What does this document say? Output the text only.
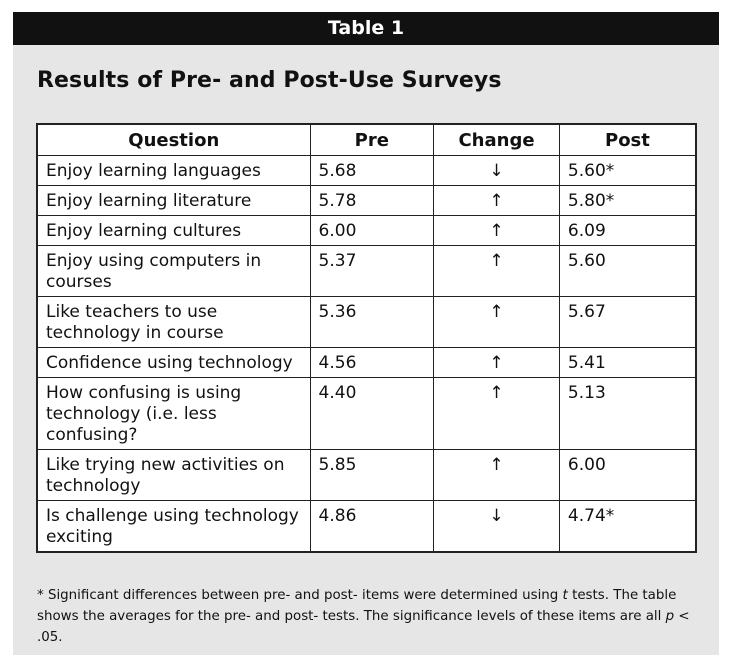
Table 1
Results of Pre- and Post-Use Surveys
Question	Pre	Change	Post
Enjoy learning languages	5.68	↓	5.60*
Enjoy learning literature	5.78	↑	5.80*
Enjoy learning cultures	6.00	↑	6.09
Enjoy using computers in courses	5.37	↑	5.60
Like teachers to use technology in course	5.36	↑	5.67
Confidence using technology	4.56	↑	5.41
How confusing is using technology (i.e. less confusing?	4.40	↑	5.13
Like trying new activities on technology	5.85	↑	6.00
Is challenge using technology exciting	4.86	↓	4.74*

* Significant differences between pre- and post- items were determined using t tests. The table shows the averages for the pre- and post- tests. The significance levels of these items are all p < .05.
